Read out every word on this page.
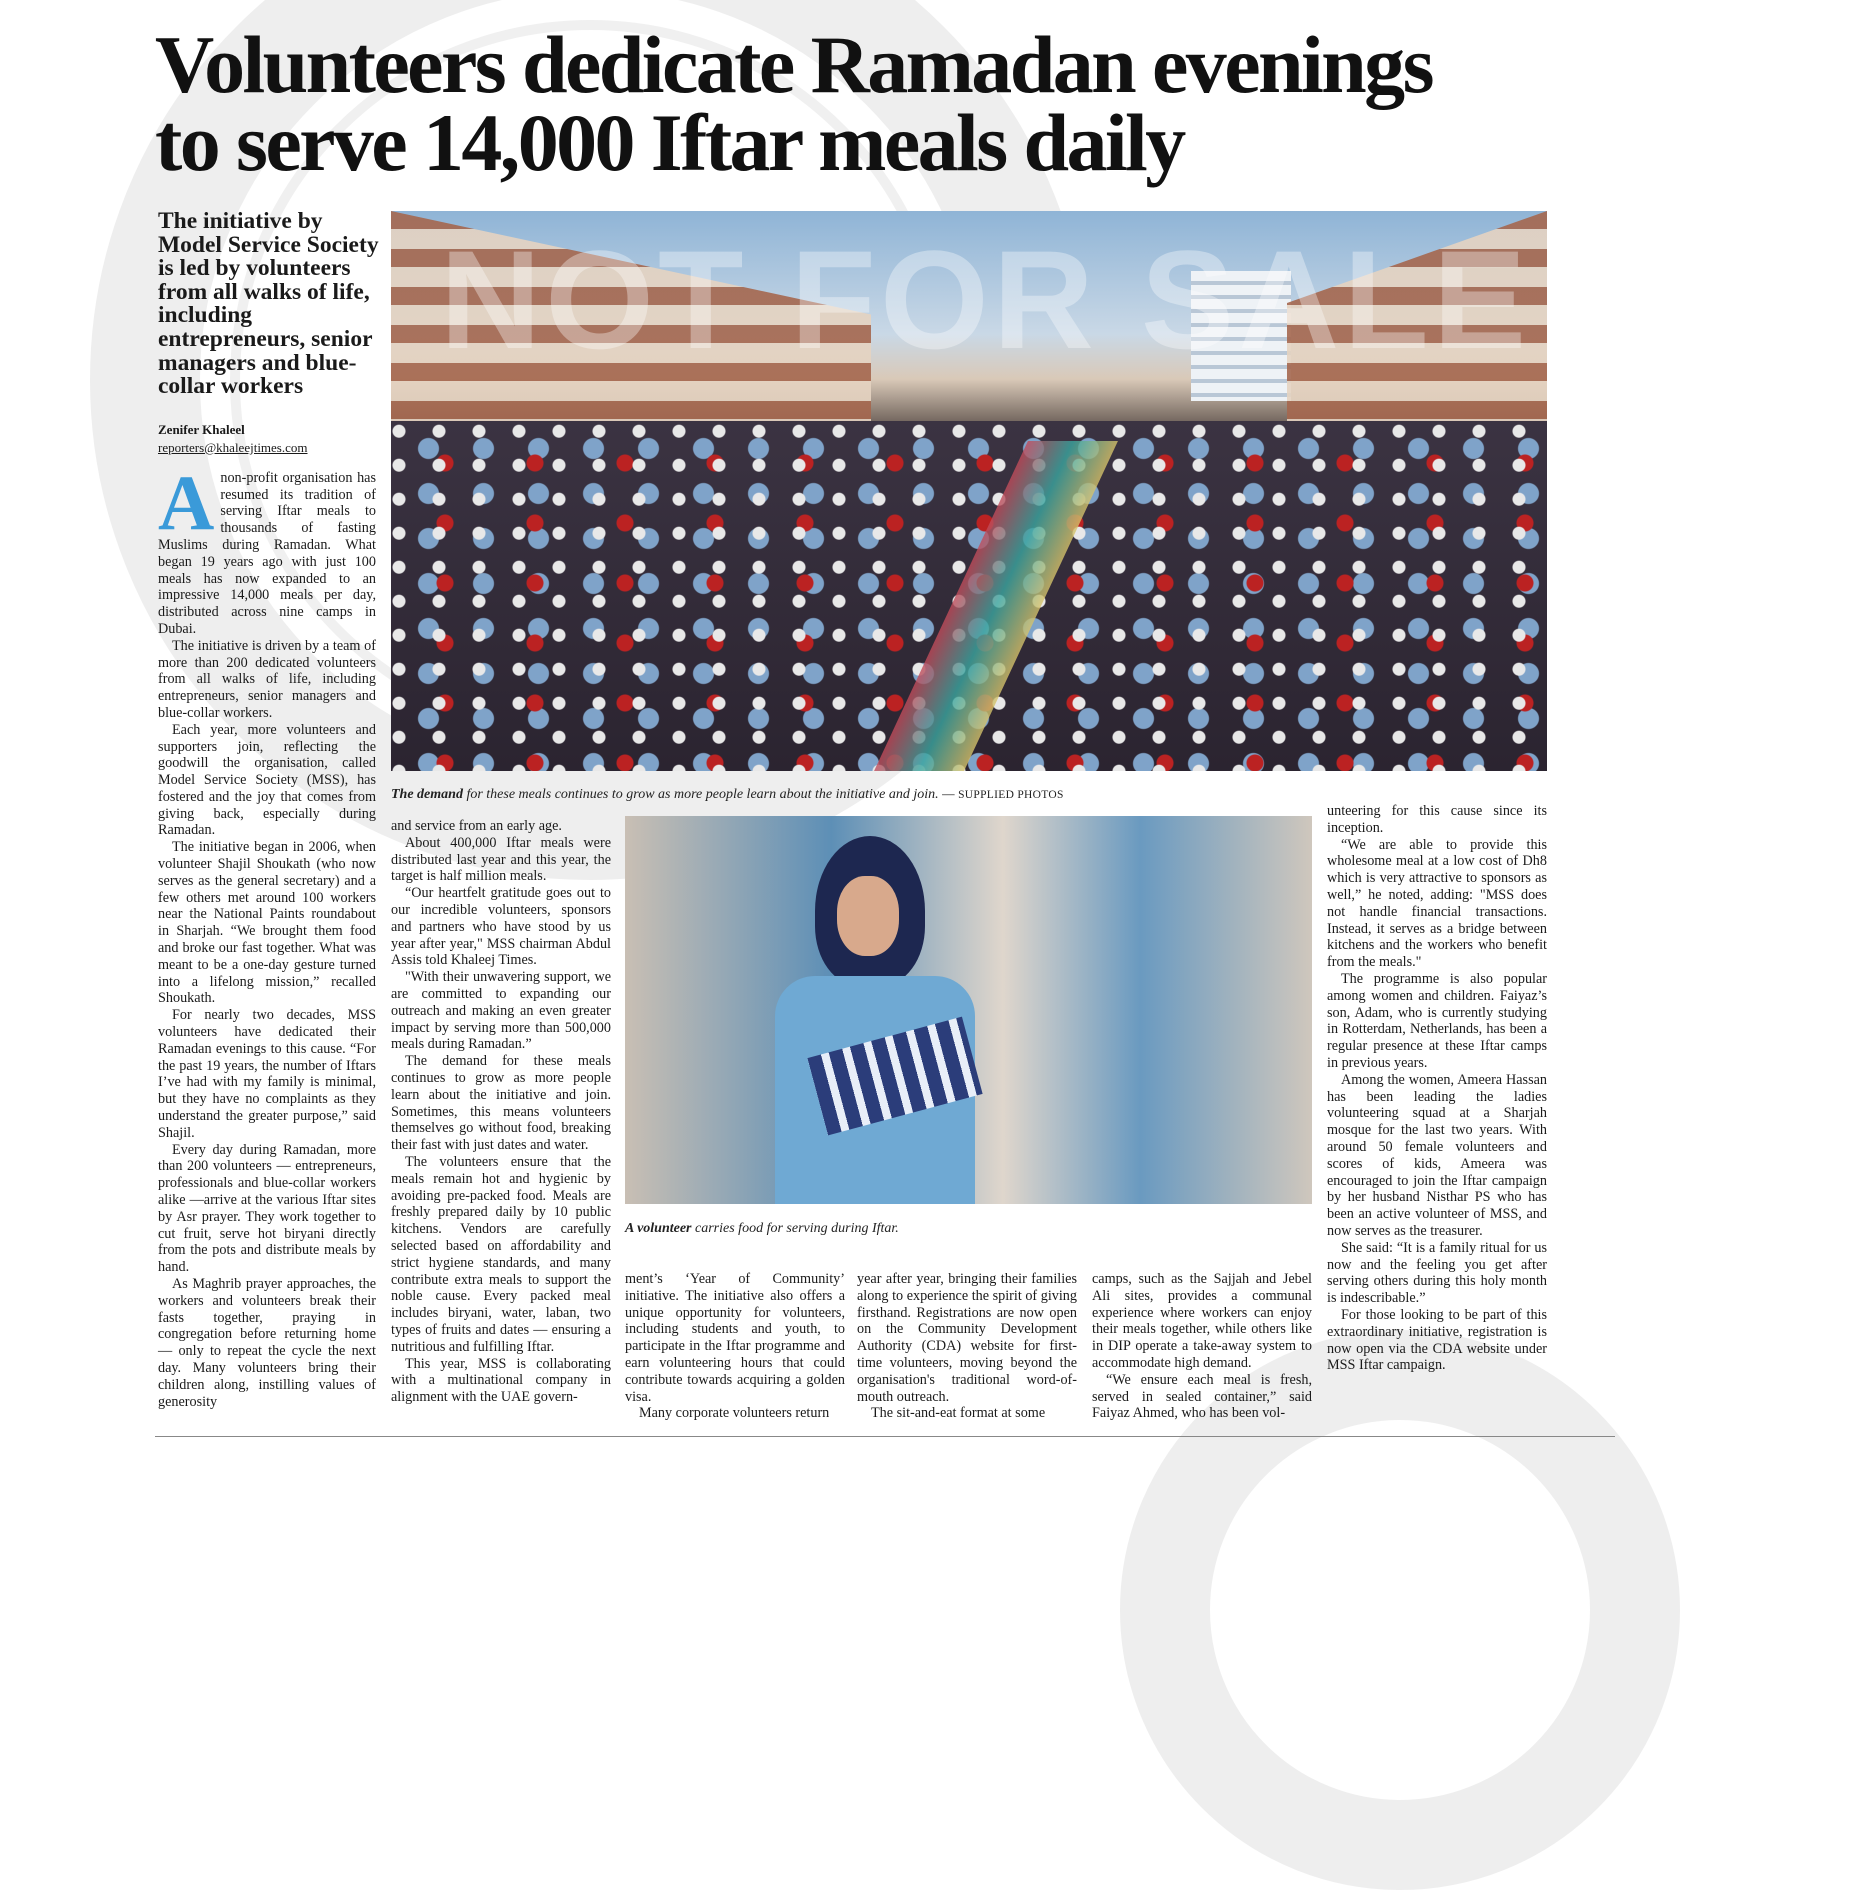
Volunteers dedicate Ramadan evenings
to serve 14,000 Iftar meals daily
The initiative by Model Service Society is led by volunteers from all walks of life, including entrepreneurs, senior managers and blue-collar workers
Zenifer Khaleel
reporters@khaleejtimes.com

A non-profit organisation has resumed its tradition of serving Iftar meals to thousands of fasting Muslims during Ramadan. What began 19 years ago with just 100 meals has now expanded to an impressive 14,000 meals per day, distributed across nine camps in Dubai.

The initiative is driven by a team of more than 200 dedicated volunteers from all walks of life, including entrepreneurs, senior managers and blue-collar workers.

Each year, more volunteers and supporters join, reflecting the goodwill the organisation, called Model Service Society (MSS), has fostered and the joy that comes from giving back, especially during Ramadan.

The initiative began in 2006, when volunteer Shajil Shoukath (who now serves as the general secretary) and a few others met around 100 workers near the National Paints roundabout in Sharjah. “We brought them food and broke our fast together. What was meant to be a one-day gesture turned into a lifelong mission,” recalled Shoukath.

For nearly two decades, MSS volunteers have dedicated their Ramadan evenings to this cause. “For the past 19 years, the number of Iftars I’ve had with my family is minimal, but they have no complaints as they understand the greater purpose,” said Shajil.

Every day during Ramadan, more than 200 volunteers — entrepreneurs, professionals and blue-collar workers alike —arrive at the various Iftar sites by Asr prayer. They work together to cut fruit, serve hot biryani directly from the pots and distribute meals by hand.

As Maghrib prayer approaches, the workers and volunteers break their fasts together, praying in congregation before returning home — only to repeat the cycle the next day. Many volunteers bring their children along, instilling values of generosity

NOT FOR SALE
The demand for these meals continues to grow as more people learn about the initiative and join. — SUPPLIED PHOTOS
A volunteer carries food for serving during Iftar.

and service from an early age.

About 400,000 Iftar meals were distributed last year and this year, the target is half million meals.

“Our heartfelt gratitude goes out to our incredible volunteers, sponsors and partners who have stood by us year after year," MSS chairman Abdul Assis told Khaleej Times.

"With their unwavering support, we are committed to expanding our outreach and making an even greater impact by serving more than 500,000 meals during Ramadan.”

The demand for these meals continues to grow as more people learn about the initiative and join. Sometimes, this means volunteers themselves go without food, breaking their fast with just dates and water.

The volunteers ensure that the meals remain hot and hygienic by avoiding pre-packed food. Meals are freshly prepared daily by 10 public kitchens. Vendors are carefully selected based on affordability and strict hygiene standards, and many contribute extra meals to support the noble cause. Every packed meal includes biryani, water, laban, two types of fruits and dates — ensuring a nutritious and fulfilling Iftar.

This year, MSS is collaborating with a multinational company in alignment with the UAE govern-

ment’s ‘Year of Community’ initiative. The initiative also offers a unique opportunity for volunteers, including students and youth, to participate in the Iftar programme and earn volunteering hours that could contribute towards acquiring a golden visa.

Many corporate volunteers return

year after year, bringing their families along to experience the spirit of giving firsthand. Registrations are now open on the Community Development Authority (CDA) website for first-time volunteers, moving beyond the organisation's traditional word-of-mouth outreach.

The sit-and-eat format at some

camps, such as the Sajjah and Jebel Ali sites, provides a communal experience where workers can enjoy their meals together, while others like in DIP operate a take-away system to accommodate high demand.

“We ensure each meal is fresh, served in sealed container,” said Faiyaz Ahmed, who has been vol-

unteering for this cause since its inception.

“We are able to provide this wholesome meal at a low cost of Dh8 which is very attractive to sponsors as well,” he noted, adding: "MSS does not handle financial transactions. Instead, it serves as a bridge between kitchens and the workers who benefit from the meals."

The programme is also popular among women and children. Faiyaz’s son, Adam, who is currently studying in Rotterdam, Netherlands, has been a regular presence at these Iftar camps in previous years.

Among the women, Ameera Hassan has been leading the ladies volunteering squad at a Sharjah mosque for the last two years. With around 50 female volunteers and scores of kids, Ameera was encouraged to join the Iftar campaign by her husband Nisthar PS who has been an active volunteer of MSS, and now serves as the treasurer.

She said: “It is a family ritual for us now and the feeling you get after serving others during this holy month is indescribable.”

For those looking to be part of this extraordinary initiative, registration is now open via the CDA website under MSS Iftar campaign.
